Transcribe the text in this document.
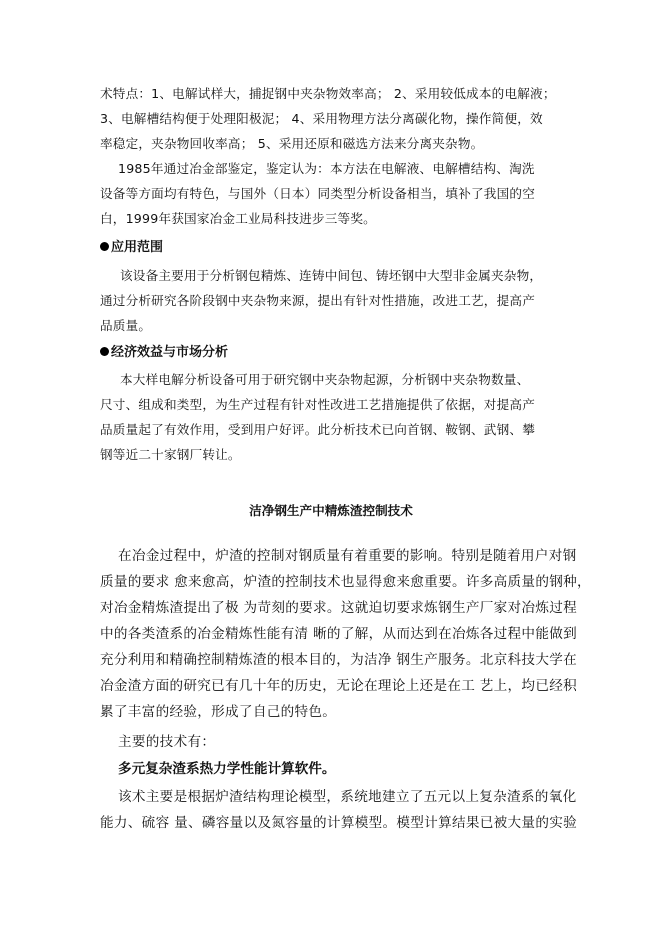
术特点：1、电解试样大，捕捉钢中夹杂物效率高； 2、采用较低成本的电解液；
3、电解槽结构便于处理阳极泥； 4、采用物理方法分离碳化物，操作简便，效
率稳定，夹杂物回收率高； 5、采用还原和磁选方法来分离夹杂物。
1985年通过冶金部鉴定，鉴定认为：本方法在电解液、电解槽结构、淘洗
设备等方面均有特色，与国外（日本）同类型分析设备相当，填补了我国的空
白，1999年获国家冶金工业局科技进步三等奖。
应用范围
该设备主要用于分析钢包精炼、连铸中间包、铸坯钢中大型非金属夹杂物，
通过分析研究各阶段钢中夹杂物来源，提出有针对性措施，改进工艺，提高产
品质量。
经济效益与市场分析
本大样电解分析设备可用于研究钢中夹杂物起源，分析钢中夹杂物数量、
尺寸、组成和类型，为生产过程有针对性改进工艺措施提供了依据，对提高产
品质量起了有效作用，受到用户好评。此分析技术已向首钢、鞍钢、武钢、攀
钢等近二十家钢厂转让。
洁净钢生产中精炼渣控制技术
在冶金过程中，炉渣的控制对钢质量有着重要的影响。特别是随着用户对钢
质量的要求 愈来愈高，炉渣的控制技术也显得愈来愈重要。许多高质量的钢种，
对冶金精炼渣提出了极 为苛刻的要求。这就迫切要求炼钢生产厂家对冶炼过程
中的各类渣系的冶金精炼性能有清 晰的了解，从而达到在冶炼各过程中能做到
充分利用和精确控制精炼渣的根本目的，为洁净 钢生产服务。北京科技大学在
冶金渣方面的研究已有几十年的历史，无论在理论上还是在工 艺上，均已经积
累了丰富的经验，形成了自己的特色。
主要的技术有：
多元复杂渣系热力学性能计算软件。
该术主要是根据炉渣结构理论模型，系统地建立了五元以上复杂渣系的氧化
能力、硫容 量、磷容量以及氮容量的计算模型。模型计算结果已被大量的实验
